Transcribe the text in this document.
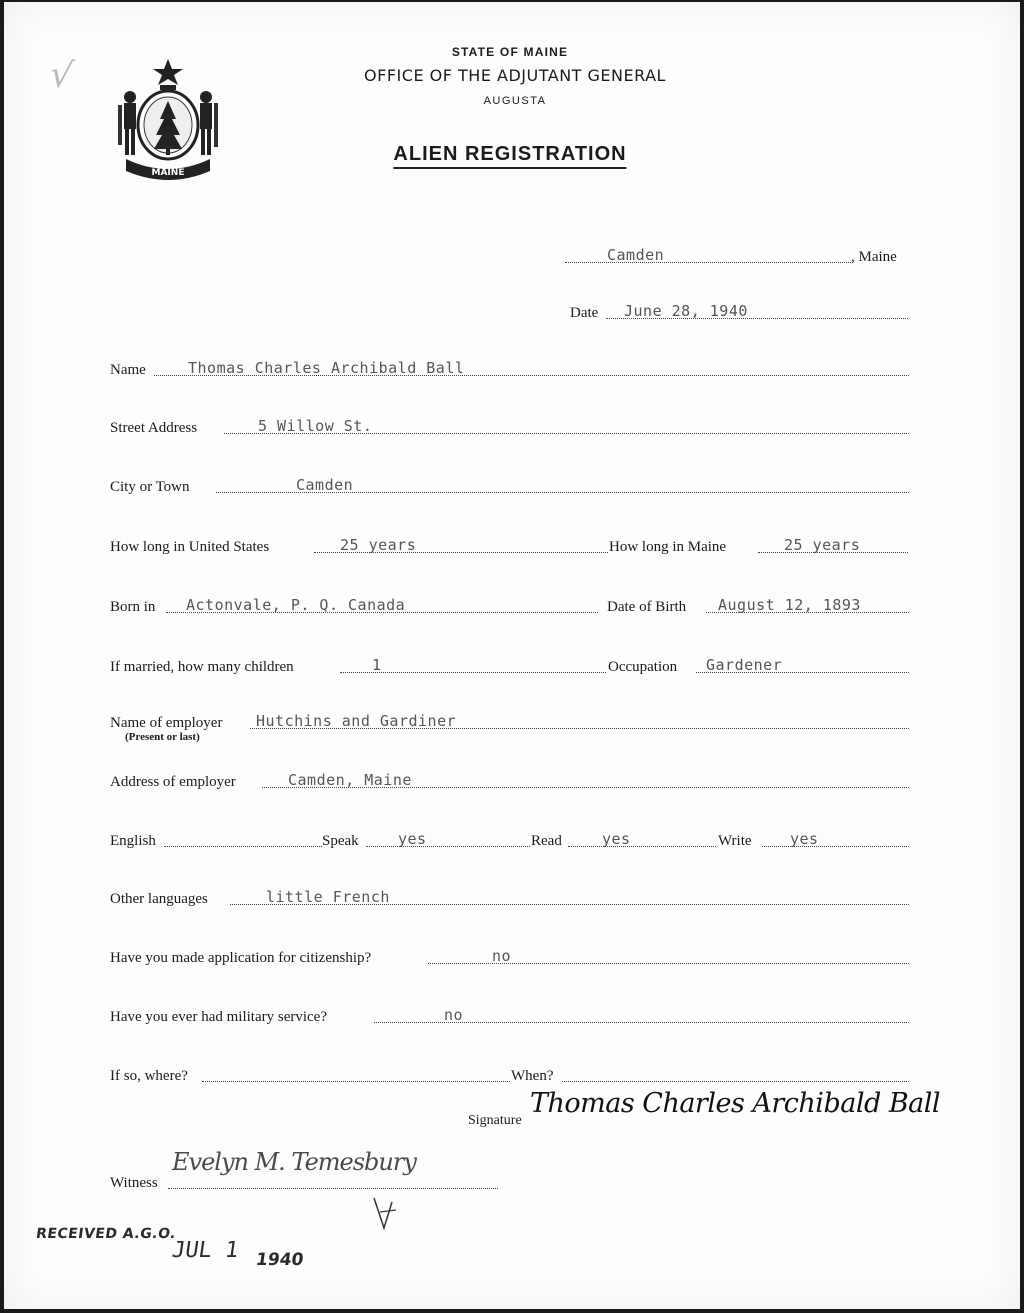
√
MAINE
STATE OF MAINE
OFFICE OF THE ADJUTANT GENERAL
AUGUSTA
ALIEN REGISTRATION
Camden	, Maine
Date June 28, 1940
Name	Thomas Charles Archibald Ball
Street Address	5 Willow St.
City or Town	Camden
How long in United States	25 years	How long in Maine	25 years
Born in Actonvale, P. Q. Canada	Date of Birth August 12, 1893
If married, how many children	1	Occupation Gardener
Name of employer Hutchins and Gardiner
(Present or last)
Address of employer	Camden, Maine
English	Speak	yes	Read	yes	Write	yes
Other languages	little French
Have you made application for citizenship?	no
Have you ever had military service?	no
If so, where?	When?
Signature
Thomas Charles Archibald Ball
Witness
Evelyn M. Temesbury
RECEIVED A.G.O.
JUL 1 1940
